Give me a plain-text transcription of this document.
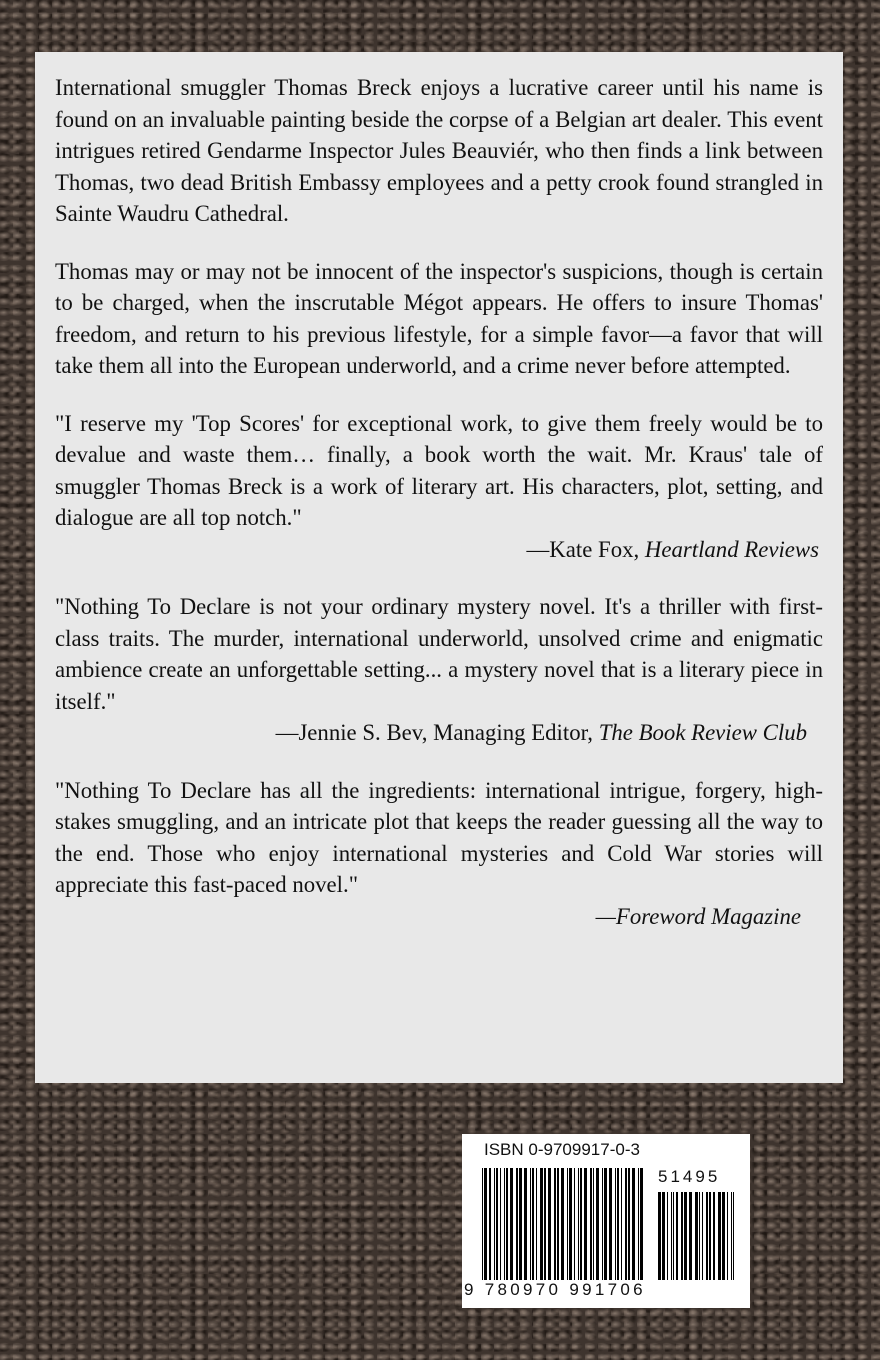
International smuggler Thomas Breck enjoys a lucrative career until his name is found on an invaluable painting beside the corpse of a Belgian art dealer. This event intrigues retired Gendarme Inspector Jules Beauviér, who then finds a link between Thomas, two dead British Embassy employees and a petty crook found strangled in Sainte Waudru Cathedral.

Thomas may or may not be innocent of the inspector's suspicions, though is certain to be charged, when the inscrutable Mégot appears. He offers to insure Thomas' freedom, and return to his previous lifestyle, for a simple favor—a favor that will take them all into the European underworld, and a crime never before attempted.

"I reserve my 'Top Scores' for exceptional work, to give them freely would be to devalue and waste them… finally, a book worth the wait. Mr. Kraus' tale of smuggler Thomas Breck is a work of literary art. His characters, plot, setting, and dialogue are all top notch."

—Kate Fox, Heartland Reviews

"Nothing To Declare is not your ordinary mystery novel. It's a thriller with first-class traits. The murder, international underworld, unsolved crime and enigmatic ambience create an unforgettable setting... a mystery novel that is a literary piece in itself."

—Jennie S. Bev, Managing Editor, The Book Review Club

"Nothing To Declare has all the ingredients: international intrigue, forgery, high-stakes smuggling, and an intricate plot that keeps the reader guessing all the way to the end. Those who enjoy international mysteries and Cold War stories will appreciate this fast-paced novel."

—Foreword Magazine

ISBN 0-9709917-0-3
51495
9 780970 991706
